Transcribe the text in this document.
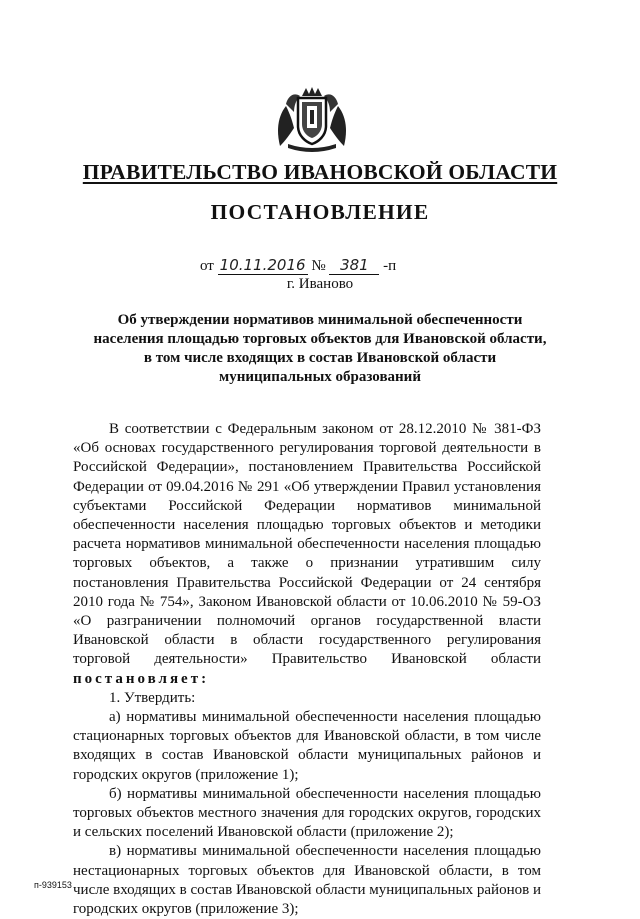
ПРАВИТЕЛЬСТВО ИВАНОВСКОЙ ОБЛАСТИ
ПОСТАНОВЛЕНИЕ
от 10.11.2016 № 381 -п
г. Иваново
Об утверждении нормативов минимальной обеспеченности
населения площадью торговых объектов для Ивановской области,
в том числе входящих в состав Ивановской области
муниципальных образований

В соответствии с Федеральным законом от 28.12.2010 № 381-ФЗ «Об основах государственного регулирования торговой деятельности в Российской Федерации», постановлением Правительства Российской Федерации от 09.04.2016 № 291 «Об утверждении Правил установления субъектами Российской Федерации нормативов минимальной обеспеченности населения площадью торговых объектов и методики расчета нормативов минимальной обеспеченности населения площадью торговых объектов, а также о признании утратившим силу постановления Правительства Российской Федерации от 24 сентября 2010 года № 754», Законом Ивановской области от 10.06.2010 № 59-ОЗ «О разграничении полномочий органов государственной власти Ивановской области в области государственного регулирования торговой деятельности» Правительство Ивановской области постановляет:

1. Утвердить:

а) нормативы минимальной обеспеченности населения площадью стационарных торговых объектов для Ивановской области, в том числе входящих в состав Ивановской области муниципальных районов и городских округов (приложение 1);

б) нормативы минимальной обеспеченности населения площадью торговых объектов местного значения для городских округов, городских и сельских поселений Ивановской области (приложение 2);

в) нормативы минимальной обеспеченности населения площадью нестационарных торговых объектов для Ивановской области, в том числе входящих в состав Ивановской области муниципальных районов и городских округов (приложение 3);

п-939153
